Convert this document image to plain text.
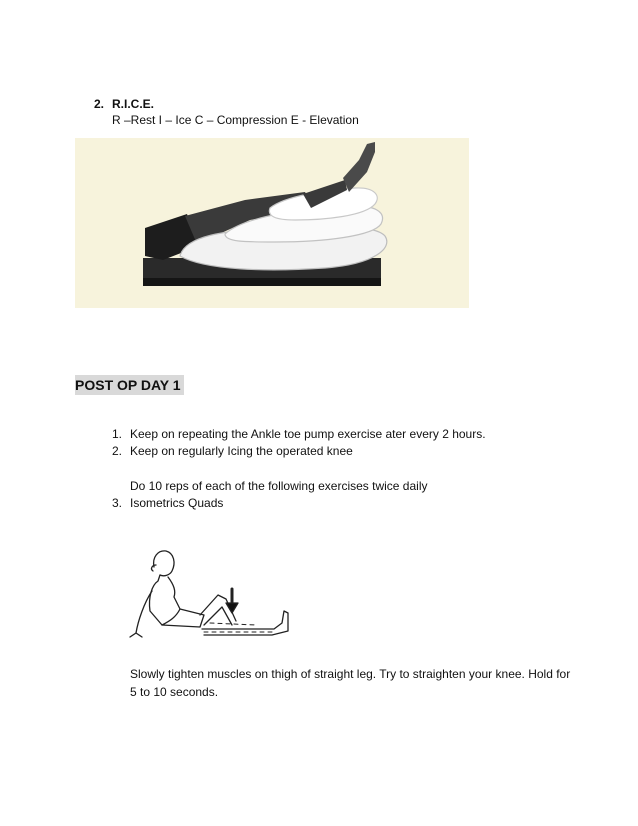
2. R.I.C.E.
R –Rest I – Ice C – Compression E - Elevation
POST OP DAY 1
1. Keep on repeating the Ankle toe pump exercise ater every 2 hours.
2. Keep on regularly Icing the operated knee
Do 10 reps of each of the following exercises twice daily
3. Isometrics Quads
Slowly tighten muscles on thigh of straight leg. Try to straighten your knee. Hold for
5 to 10 seconds.
